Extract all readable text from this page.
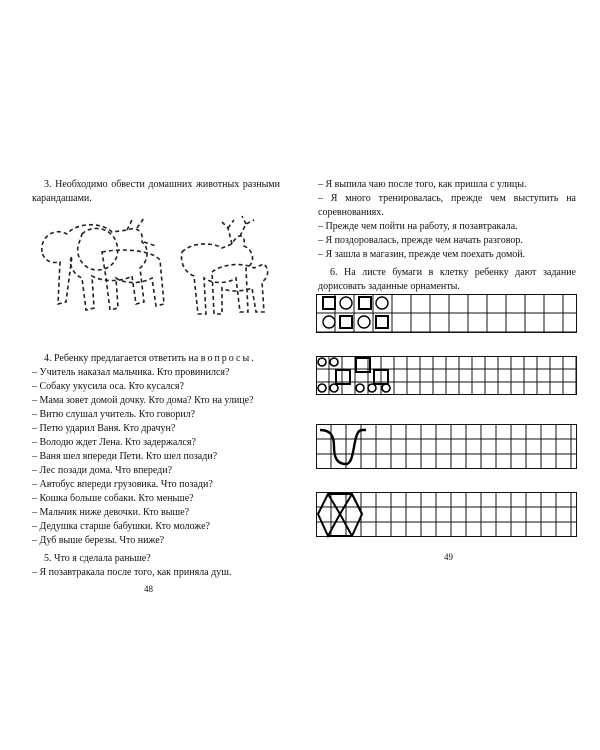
3. Необходимо обвести домашних животных разными карандашами.
4. Ребенку предлагается ответить на вопросы.
– Учитель наказал мальчика. Кто провинился?
– Собаку укусила оса. Кто кусался?
– Мама зовет домой дочку. Кто дома? Кто на улице?
– Витю слушал учитель. Кто говорил?
– Петю ударил Ваня. Кто драчун?
– Володю ждет Лена. Кто задержался?
– Ваня шел впереди Пети. Кто шел позади?
– Лес позади дома. Что впереди?
– Автобус впереди грузовика. Что позади?
– Кошка больше собаки. Кто меньше?
– Мальчик ниже девочки. Кто выше?
– Дедушка старше бабушки. Кто моложе?
– Дуб выше березы. Что ниже?
5. Что я сделала раньше?
– Я позавтракала после того, как приняла душ.
48
– Я выпила чаю после того, как пришла с улицы.
– Я много тренировалась, прежде чем выступить на соревнованиях.
– Прежде чем пойти на работу, я позавтракала.
– Я поздоровалась, прежде чем начать разговор.
– Я зашла в магазин, прежде чем поехать домой.
6. На листе бумаги в клетку ребенку дают задание дорисовать заданные орнаменты.
49
